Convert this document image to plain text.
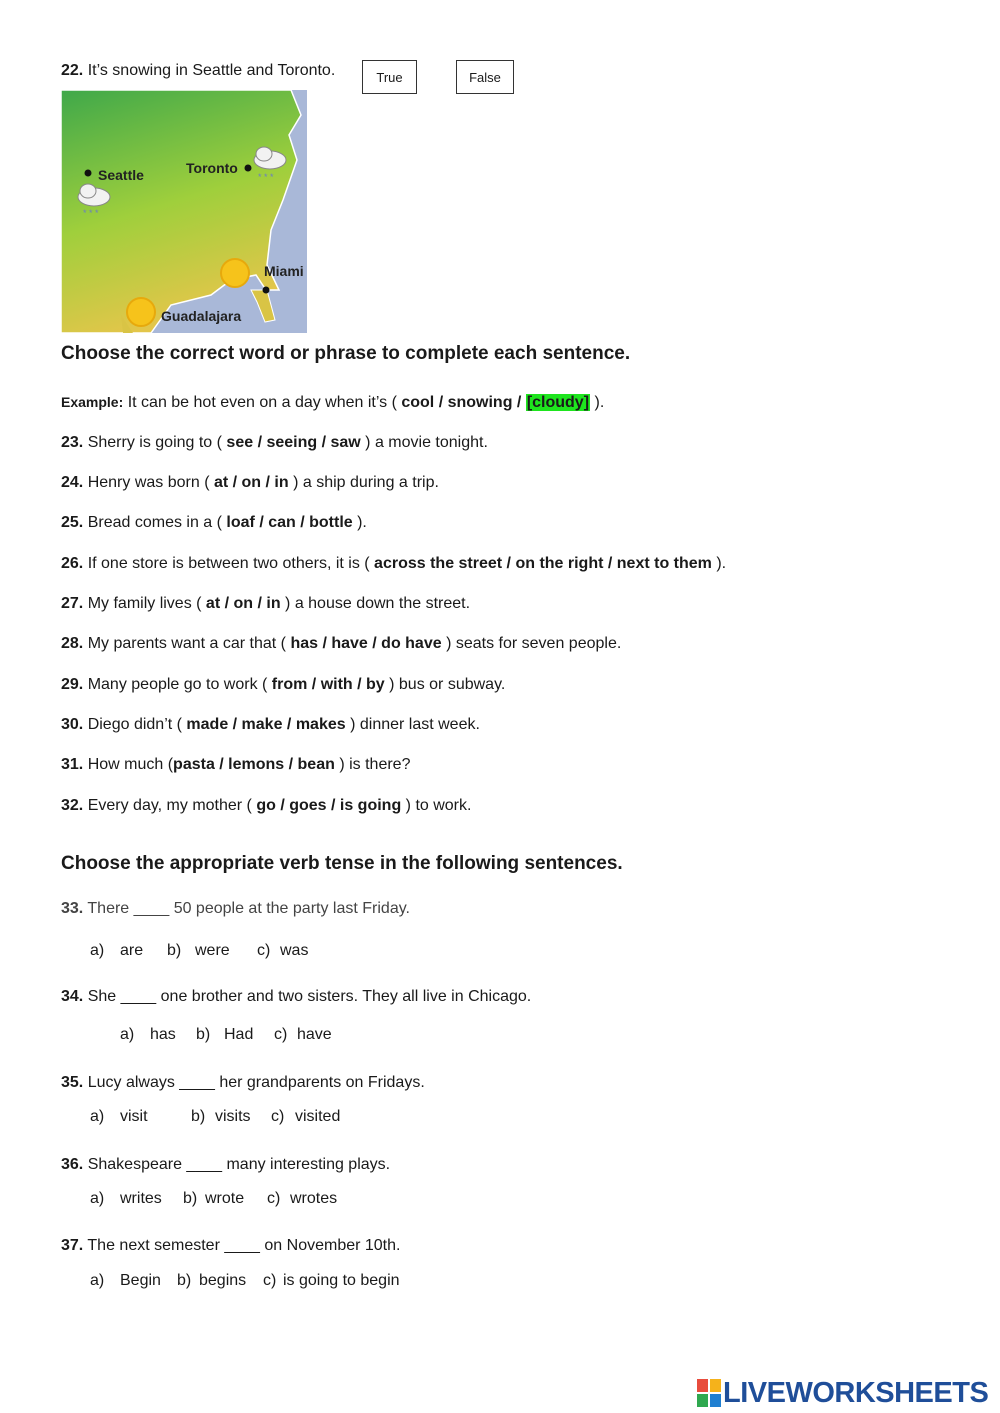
22. It’s snowing in Seattle and Toronto.	True	False
Seattle
* * *
Toronto
* * *
Miami
Guadalajara
Choose the correct word or phrase to complete each sentence.
Example: It can be hot even on a day when it’s ( cool / snowing / [cloudy] ).
23. Sherry is going to ( see / seeing / saw ) a movie tonight.
24. Henry was born ( at / on / in ) a ship during a trip.
25. Bread comes in a ( loaf / can / bottle ).
26. If one store is between two others, it is ( across the street / on the right / next to them ).
27. My family lives ( at / on / in ) a house down the street.
28. My parents want a car that ( has / have / do have ) seats for seven people.
29. Many people go to work ( from / with / by ) bus or subway.
30. Diego didn’t ( made / make / makes ) dinner last week.
31. How much (pasta / lemons / bean ) is there?
32. Every day, my mother ( go / goes / is going ) to work.
Choose the appropriate verb tense in the following sentences.
33. There ____ 50 people at the party last Friday.
a) are b) were c) was
34. She ____ one brother and two sisters. They all live in Chicago.
a) has b) Had c) have
35. Lucy always ____ her grandparents on Fridays.
a) visit	b) visits c) visited
36. Shakespeare ____ many interesting plays.
a) writes b) wrote c) wrotes
37. The next semester ____ on November 10th.
a) Begin b) begins c) is going to begin
LIVEWORKSHEETS
